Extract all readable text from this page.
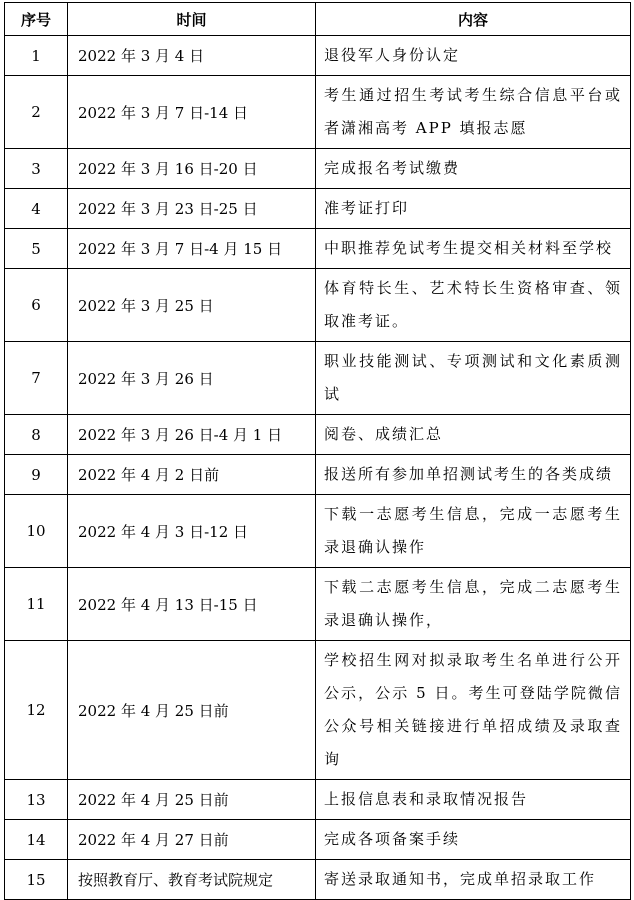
序号	时间	内容
1	2022 年 3 月 4 日	退役军人身份认定
2	2022 年 3 月 7 日-14 日	考生通过招生考试考生综合信息平台或者潇湘高考 APP 填报志愿
3	2022 年 3 月 16 日-20 日	完成报名考试缴费
4	2022 年 3 月 23 日-25 日	准考证打印
5	2022 年 3 月 7 日-4 月 15 日	中职推荐免试考生提交相关材料至学校
6	2022 年 3 月 25 日	体育特长生、艺术特长生资格审查、领取准考证。
7	2022 年 3 月 26 日	职业技能测试、专项测试和文化素质测试
8	2022 年 3 月 26 日-4 月 1 日	阅卷、成绩汇总
9	2022 年 4 月 2 日前	报送所有参加单招测试考生的各类成绩
10	2022 年 4 月 3 日-12 日	下载一志愿考生信息，完成一志愿考生录退确认操作
11	2022 年 4 月 13 日-15 日	下载二志愿考生信息，完成二志愿考生录退确认操作，
12	2022 年 4 月 25 日前	学校招生网对拟录取考生名单进行公开公示，公示 5 日。考生可登陆学院微信公众号相关链接进行单招成绩及录取查询
13	2022 年 4 月 25 日前	上报信息表和录取情况报告
14	2022 年 4 月 27 日前	完成各项备案手续
15	按照教育厅、教育考试院规定	寄送录取通知书，完成单招录取工作
